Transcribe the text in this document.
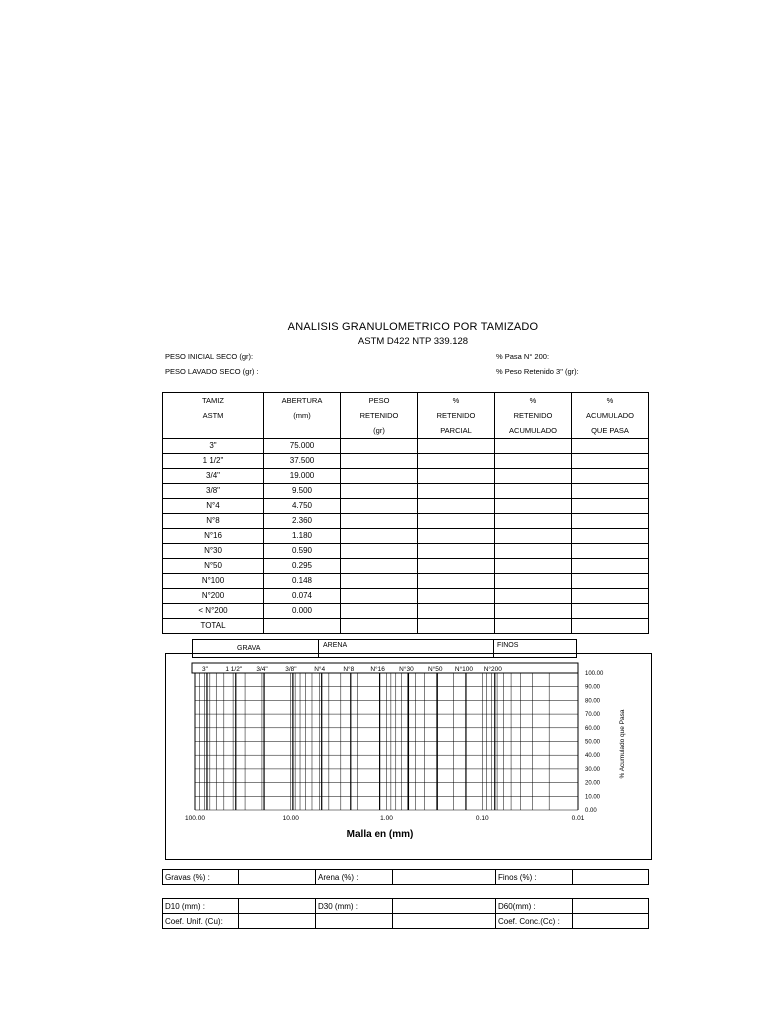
ANALISIS GRANULOMETRICO POR TAMIZADO
ASTM D422 NTP 339.128
PESO INICIAL SECO (gr):
PESO LAVADO SECO (gr) :
% Pasa N° 200:
% Peso Retenido 3" (gr):
TAMIZ	ABERTURA	PESO	%	%	%
ASTM	(mm)	RETENIDO	RETENIDO	RETENIDO	ACUMULADO
		(gr)	PARCIAL	ACUMULADO	QUE PASA
3"	75.000				
1 1/2"	37.500				
3/4"	19.000				
3/8"	9.500				
N°4	4.750				
N°8	2.360				
N°16	1.180				
N°30	0.590				
N°50	0.295				
N°100	0.148				
N°200	0.074				
< N°200	0.000				
TOTAL					
GRAVA	ARENA	FINOS
3"	1 1/2" 3/4"	3/8"	N°4	N°8 N°16 N°30 N°50 N°100 N°200
100.00
90.00
80.00
70.00
60.00
50.00
40.00
30.00
20.00
10.00
0.00
100.00	10.00	1.00	0.10	0.01
Malla en (mm)
% Acumulado que Pasa
Gravas (%) :		Arena (%) :		Finos (%) :	
D10 (mm) :		D30 (mm) :		D60(mm) :	
Coef. Unif. (Cu):				Coef. Conc.(Cc) :	
